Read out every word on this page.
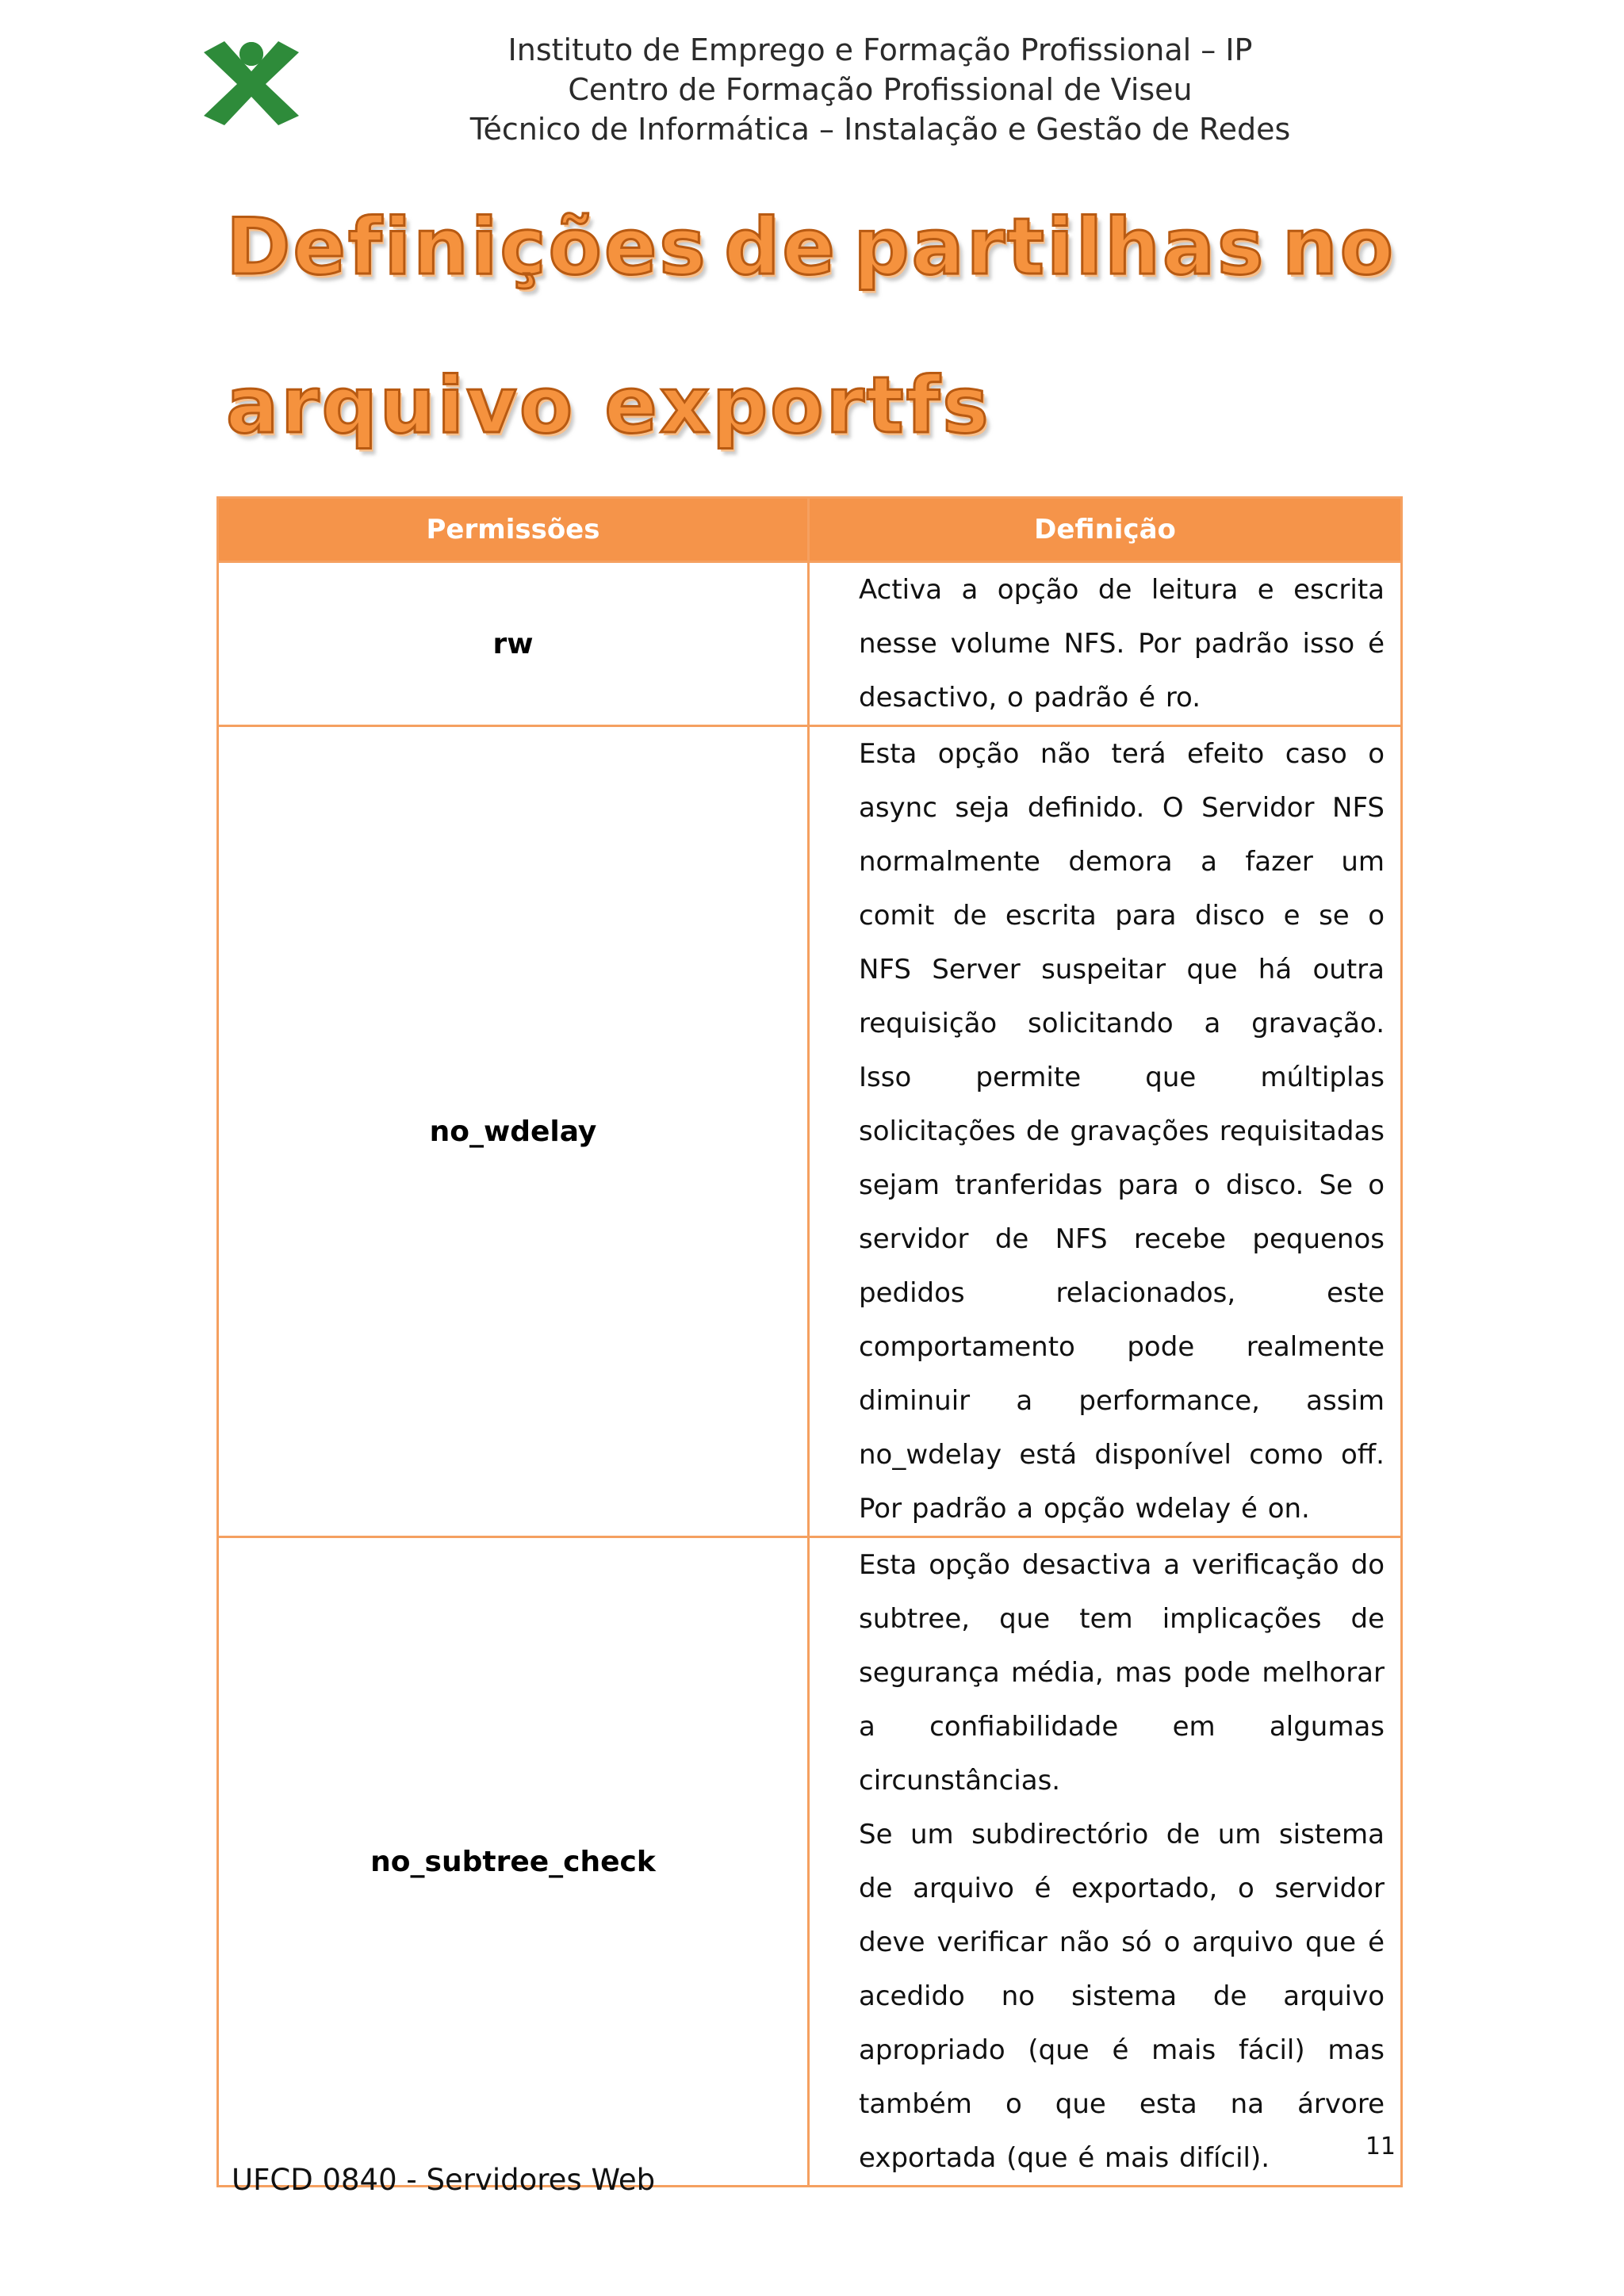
Instituto de Emprego e Formação Profissional – IP
Centro de Formação Profissional de Viseu
Técnico de Informática – Instalação e Gestão de Redes
Definições de partilhas no
arquivo exportfs
Permissões	Definição
rw	Activa a opção de leitura e escrita nesse volume NFS. Por padrão isso é desactivo, o padrão é ro.

no_wdelay	Esta opção não terá efeito caso o async seja definido. O Servidor NFS normalmente demora a fazer um comit de escrita para disco e se o NFS Server suspeitar que há outra requisição solicitando a gravação. Isso permite que múltiplas solicitações de gravações requisitadas sejam tranferidas para o disco. Se o servidor de NFS recebe pequenos pedidos relacionados, este comportamento pode realmente diminuir a performance, assim no_wdelay está disponível como off. Por padrão a opção wdelay é on.

no_subtree_check	Esta opção desactiva a verificação do subtree, que tem implicações de segurança média, mas pode melhorar a confiabilidade em algumas circunstâncias.

Se um subdirectório de um sistema de arquivo é exportado, o servidor deve verificar não só o arquivo que é acedido no sistema de arquivo apropriado (que é mais fácil) mas também o que esta na árvore exportada (que é mais difícil).	11
UFCD 0840 - Servidores Web
